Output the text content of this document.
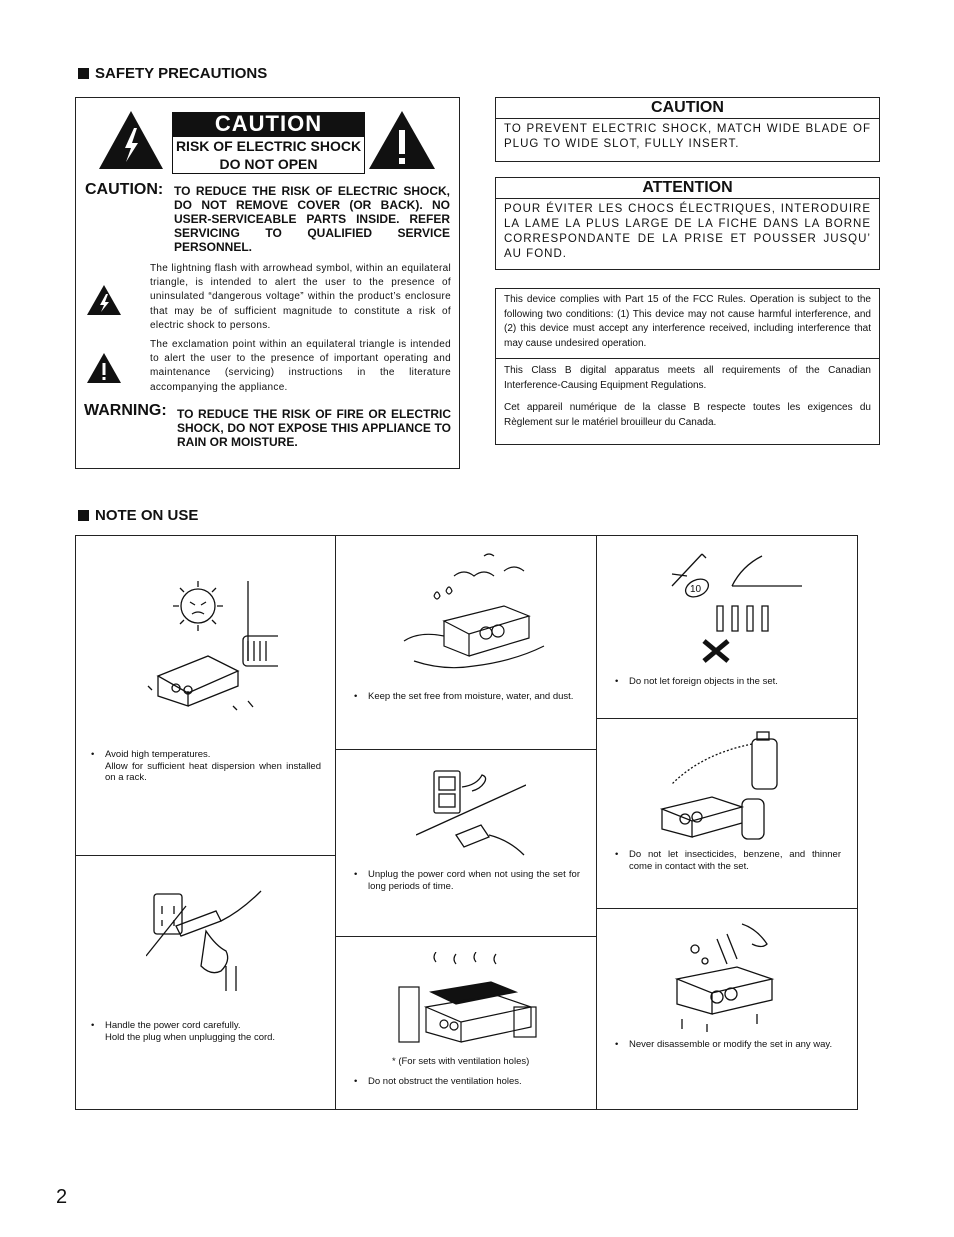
SAFETY PRECAUTIONS
CAUTION
RISK OF ELECTRIC SHOCK
DO NOT OPEN
CAUTION: TO REDUCE THE RISK OF ELECTRIC SHOCK, DO NOT REMOVE COVER (OR BACK). NO USER-SERVICEABLE PARTS INSIDE. REFER SERVICING TO QUALIFIED SERVICE PERSONNEL.
The lightning flash with arrowhead symbol, within an equilateral triangle, is intended to alert the user to the presence of uninsulated “dangerous voltage” within the product’s enclosure that may be of sufficient magnitude to constitute a risk of electric shock to persons.
The exclamation point within an equilateral triangle is intended to alert the user to the presence of important operating and maintenance (servicing) instructions in the literature accompanying the appliance.
WARNING: TO REDUCE THE RISK OF FIRE OR ELECTRIC SHOCK, DO NOT EXPOSE THIS APPLIANCE TO RAIN OR MOISTURE.
CAUTION
TO PREVENT ELECTRIC SHOCK, MATCH WIDE BLADE OF PLUG TO WIDE SLOT, FULLY INSERT.
ATTENTION
POUR ÉVITER LES CHOCS ÉLECTRIQUES, INTERODUIRE LA LAME LA PLUS LARGE DE LA FICHE DANS LA BORNE CORRESPONDANTE DE LA PRISE ET POUSSER JUSQU’ AU FOND.
This device complies with Part 15 of the FCC Rules. Operation is subject to the following two conditions: (1) This device may not cause harmful interference, and (2) this device must accept any interference received, including interference that may cause undesired operation.
This Class B digital apparatus meets all requirements of the Canadian Interference-Causing Equipment Regulations.
Cet appareil numérique de la classe B respecte toutes les exigences du Règlement sur le matériel brouilleur du Canada.
NOTE ON USE
•	Avoid high temperatures.
Allow for sufficient heat dispersion when installed on a rack.
•	Handle the power cord carefully.
Hold the plug when unplugging the cord.
•	Keep the set free from moisture, water, and dust.
•	Unplug the power cord when not using the set for long periods of time.
* (For sets with ventilation holes)
•	Do not obstruct the ventilation holes.
10
•	Do not let foreign objects in the set.
•	Do not let insecticides, benzene, and thinner come in contact with the set.
•	Never disassemble or modify the set in any way.
2
